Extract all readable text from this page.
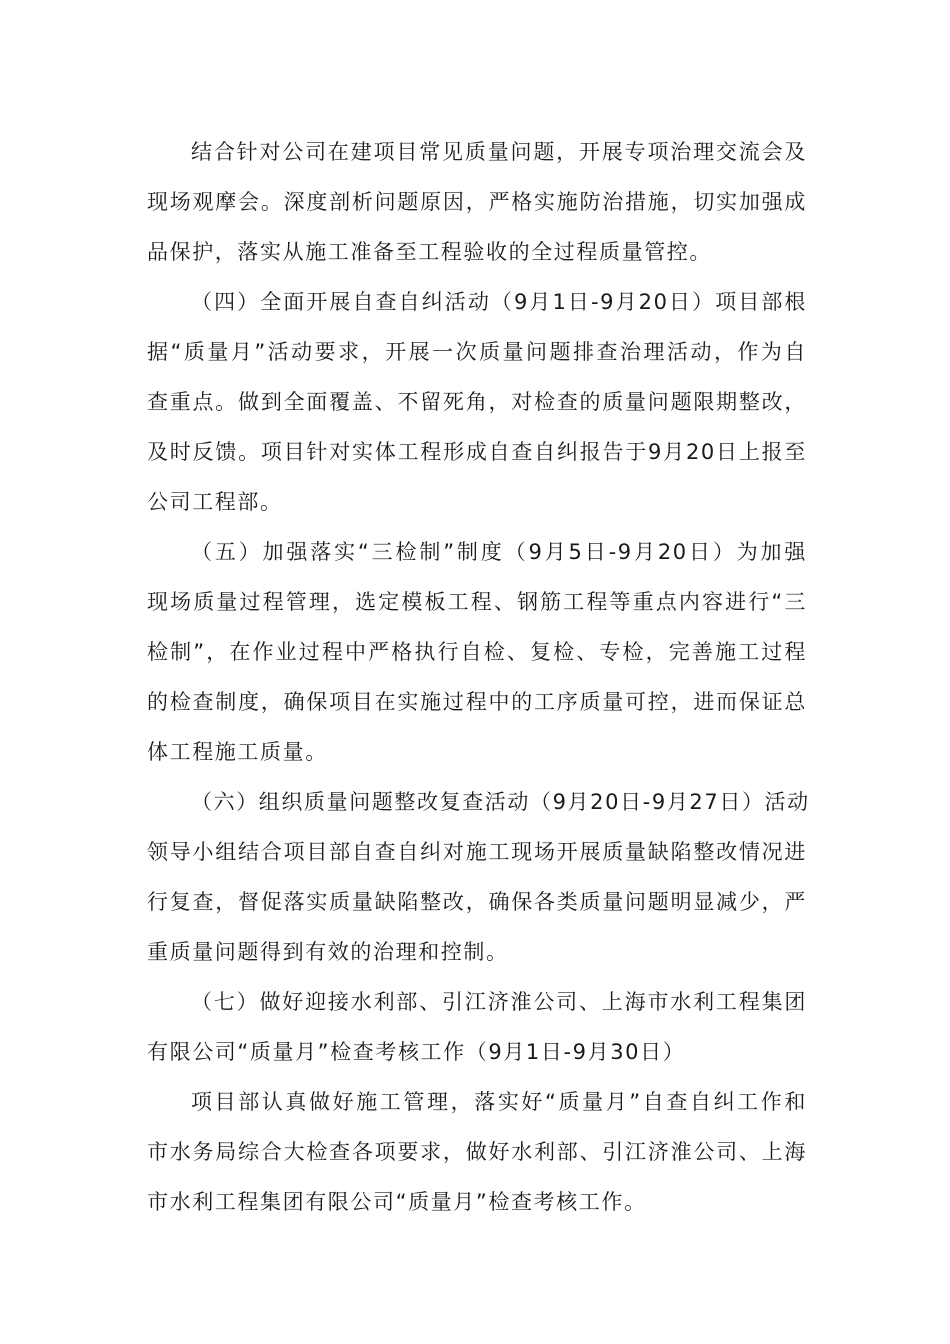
结合针对公司在建项目常见质量问题，开展专项治理交流会及
现场观摩会。深度剖析问题原因，严格实施防治措施，切实加强成
品保护，落实从施工准备至工程验收的全过程质量管控。

（四）全面开展自查自纠活动（9月1日-9月20日）项目部根
据“质量月”活动要求，开展一次质量问题排查治理活动，作为自
查重点。做到全面覆盖、不留死角，对检查的质量问题限期整改，
及时反馈。项目针对实体工程形成自查自纠报告于9月20日上报至
公司工程部。

（五）加强落实“三检制”制度（9月5日-9月20日）为加强
现场质量过程管理，选定模板工程、钢筋工程等重点内容进行“三
检制”，在作业过程中严格执行自检、复检、专检，完善施工过程
的检查制度，确保项目在实施过程中的工序质量可控，进而保证总
体工程施工质量。

（六）组织质量问题整改复查活动（9月20日-9月27日）活动
领导小组结合项目部自查自纠对施工现场开展质量缺陷整改情况进
行复查，督促落实质量缺陷整改，确保各类质量问题明显减少，严
重质量问题得到有效的治理和控制。

（七）做好迎接水利部、引江济淮公司、上海市水利工程集团
有限公司“质量月”检查考核工作（9月1日-9月30日）

项目部认真做好施工管理，落实好“质量月”自查自纠工作和
市水务局综合大检查各项要求，做好水利部、引江济淮公司、上海
市水利工程集团有限公司“质量月”检查考核工作。
